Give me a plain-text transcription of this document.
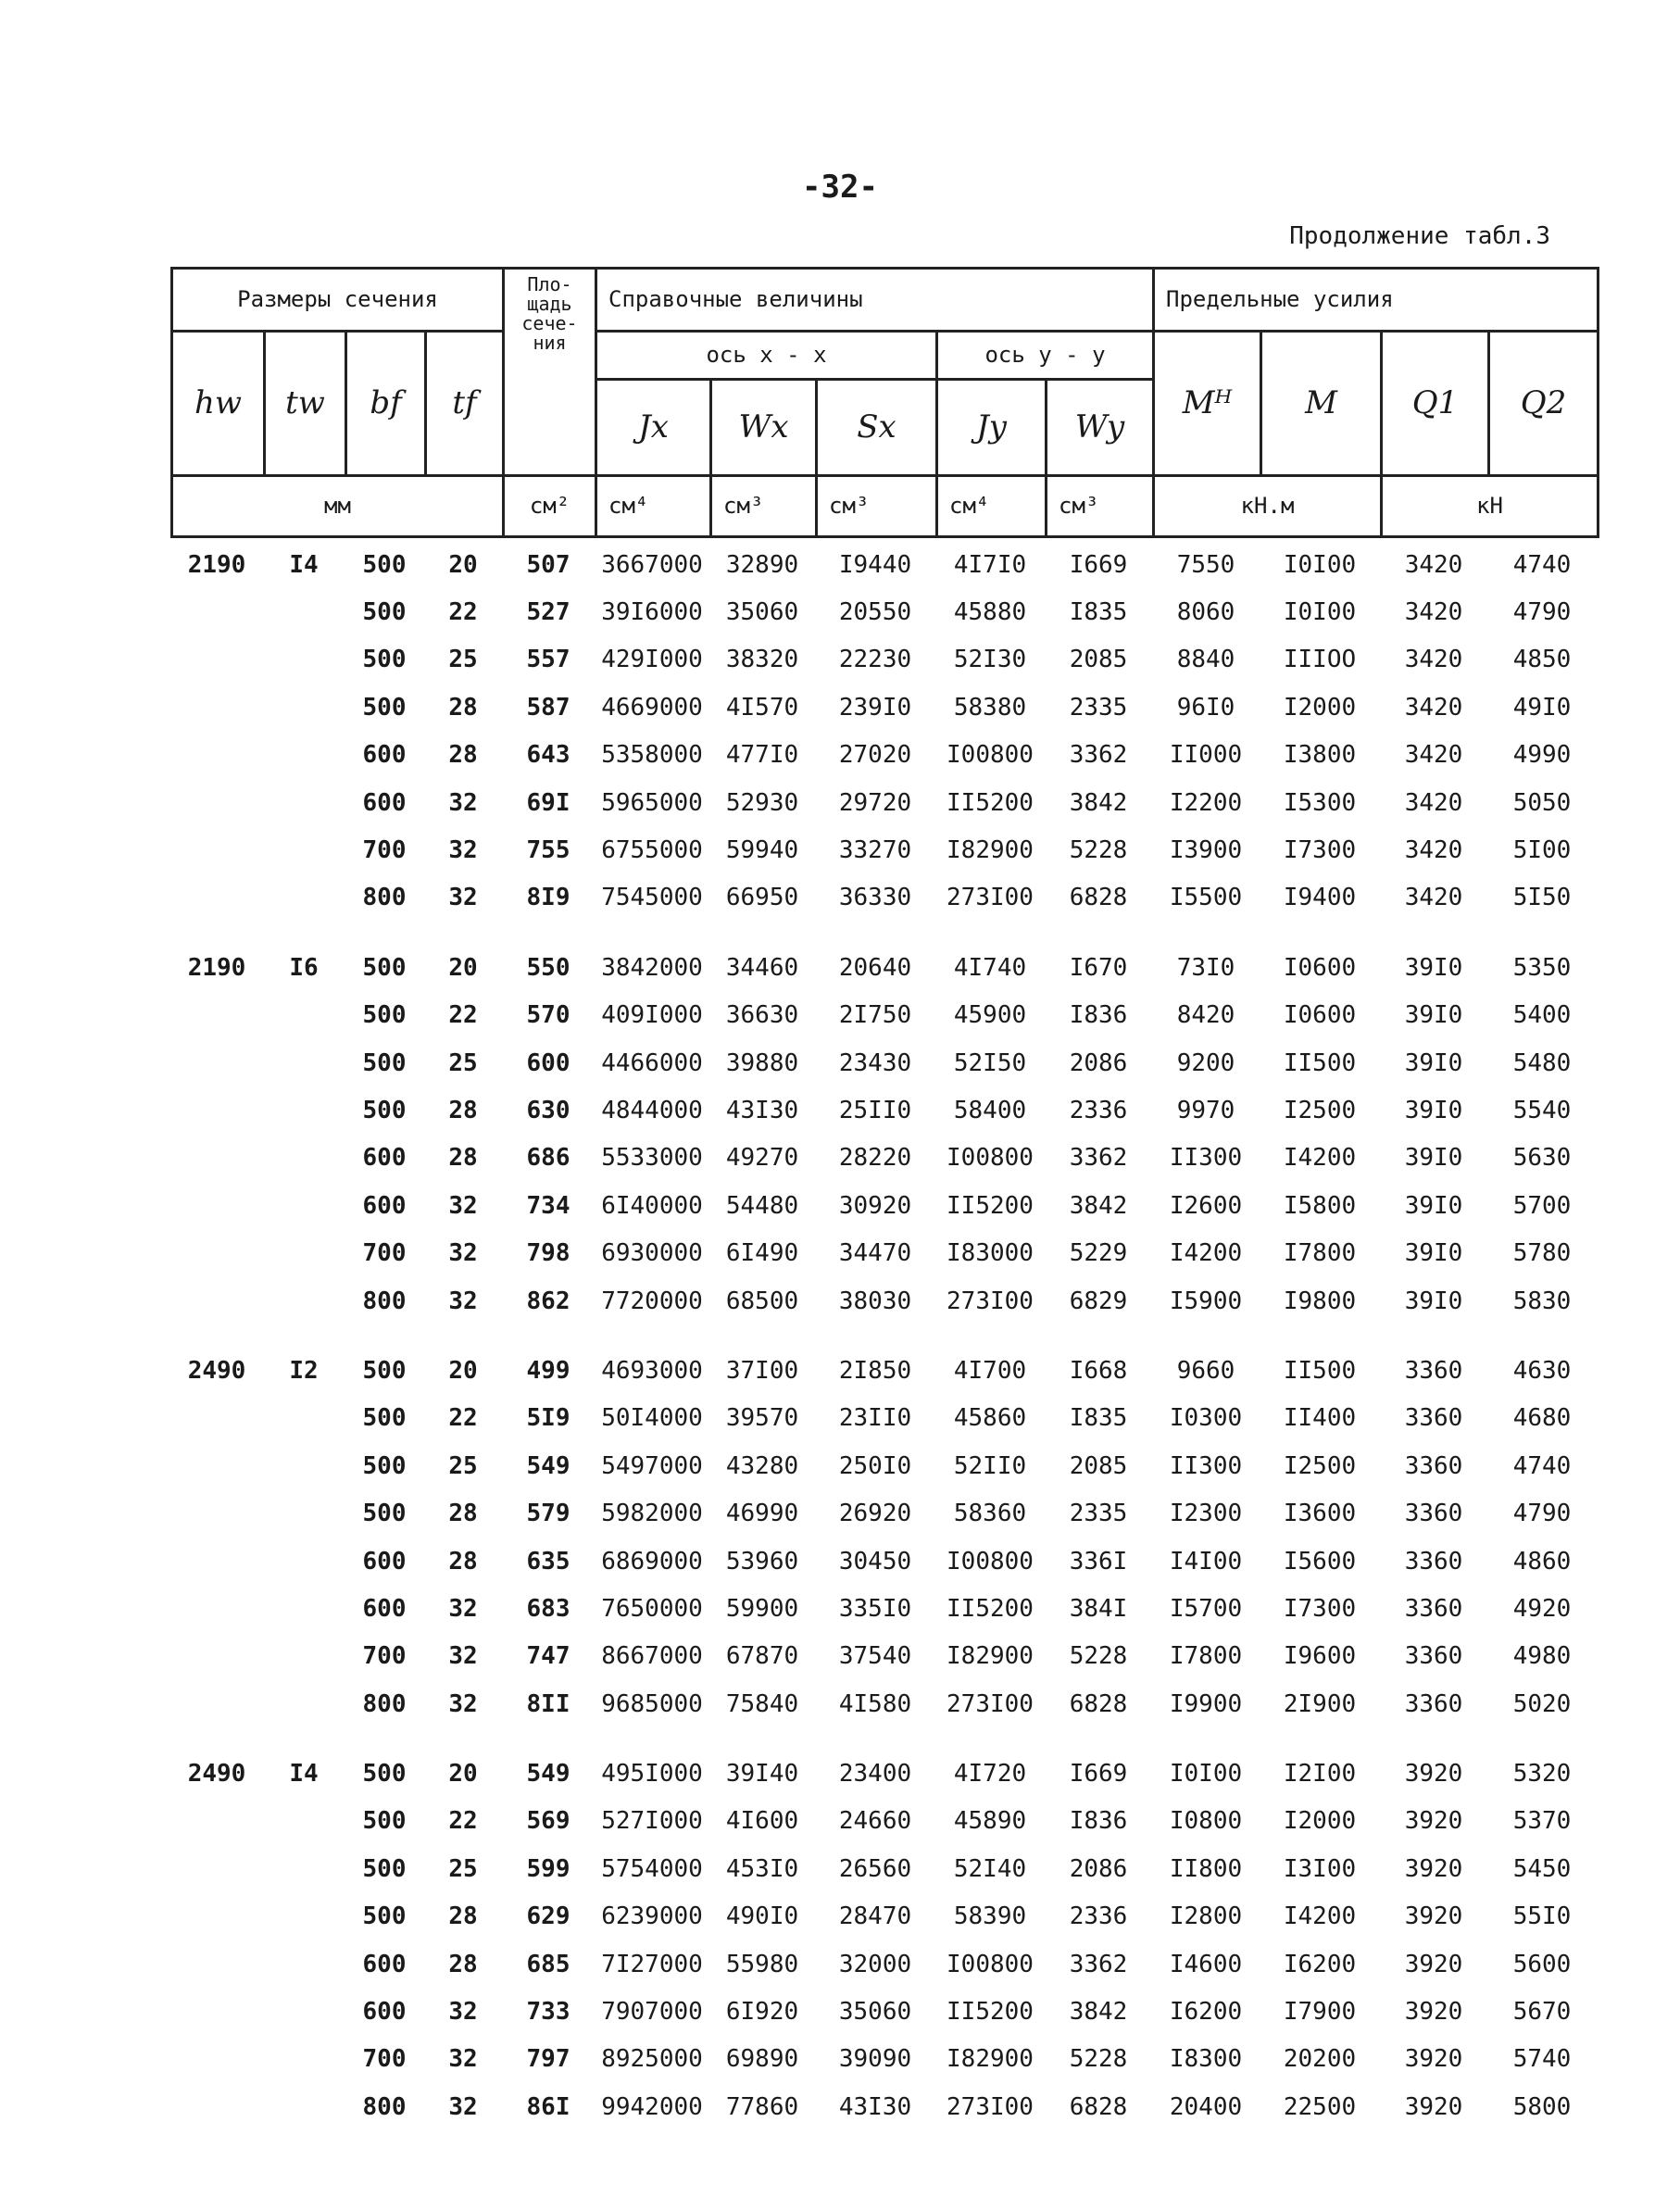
-32-
Продолжение табл.3
Размеры сечения				Пло-
щадь
сече-
ния	Справочные величины					Предельные усилия			
hw	tw	bf	tf		ось x - x			ось y - y		Mᴴ	M	Q1	Q2
					Jx	Wx	Sx	Jy	Wy				
мм				см²	см⁴	см³	см³	см⁴	см³	кН.м		кН	
2190	I4	500	20	507	3667000	32890	I9440	4I7I0	I669	7550	I0I00	3420	4740
		500	22	527	39I6000	35060	20550	45880	I835	8060	I0I00	3420	4790
		500	25	557	429I000	38320	22230	52I30	2085	8840	IIIOO	3420	4850
		500	28	587	4669000	4I570	239I0	58380	2335	96I0	I2000	3420	49I0
		600	28	643	5358000	477I0	27020	I00800	3362	II000	I3800	3420	4990
		600	32	69I	5965000	52930	29720	II5200	3842	I2200	I5300	3420	5050
		700	32	755	6755000	59940	33270	I82900	5228	I3900	I7300	3420	5I00
		800	32	8I9	7545000	66950	36330	273I00	6828	I5500	I9400	3420	5I50

2190	I6	500	20	550	3842000	34460	20640	4I740	I670	73I0	I0600	39I0	5350
		500	22	570	409I000	36630	2I750	45900	I836	8420	I0600	39I0	5400
		500	25	600	4466000	39880	23430	52I50	2086	9200	II500	39I0	5480
		500	28	630	4844000	43I30	25II0	58400	2336	9970	I2500	39I0	5540
		600	28	686	5533000	49270	28220	I00800	3362	II300	I4200	39I0	5630
		600	32	734	6I40000	54480	30920	II5200	3842	I2600	I5800	39I0	5700
		700	32	798	6930000	6I490	34470	I83000	5229	I4200	I7800	39I0	5780
		800	32	862	7720000	68500	38030	273I00	6829	I5900	I9800	39I0	5830

2490	I2	500	20	499	4693000	37I00	2I850	4I700	I668	9660	II500	3360	4630
		500	22	5I9	50I4000	39570	23II0	45860	I835	I0300	II400	3360	4680
		500	25	549	5497000	43280	250I0	52II0	2085	II300	I2500	3360	4740
		500	28	579	5982000	46990	26920	58360	2335	I2300	I3600	3360	4790
		600	28	635	6869000	53960	30450	I00800	336I	I4I00	I5600	3360	4860
		600	32	683	7650000	59900	335I0	II5200	384I	I5700	I7300	3360	4920
		700	32	747	8667000	67870	37540	I82900	5228	I7800	I9600	3360	4980
		800	32	8II	9685000	75840	4I580	273I00	6828	I9900	2I900	3360	5020

2490	I4	500	20	549	495I000	39I40	23400	4I720	I669	I0I00	I2I00	3920	5320
		500	22	569	527I000	4I600	24660	45890	I836	I0800	I2000	3920	5370
		500	25	599	5754000	453I0	26560	52I40	2086	II800	I3I00	3920	5450
		500	28	629	6239000	490I0	28470	58390	2336	I2800	I4200	3920	55I0
		600	28	685	7I27000	55980	32000	I00800	3362	I4600	I6200	3920	5600
		600	32	733	7907000	6I920	35060	II5200	3842	I6200	I7900	3920	5670
		700	32	797	8925000	69890	39090	I82900	5228	I8300	20200	3920	5740
		800	32	86I	9942000	77860	43I30	273I00	6828	20400	22500	3920	5800
